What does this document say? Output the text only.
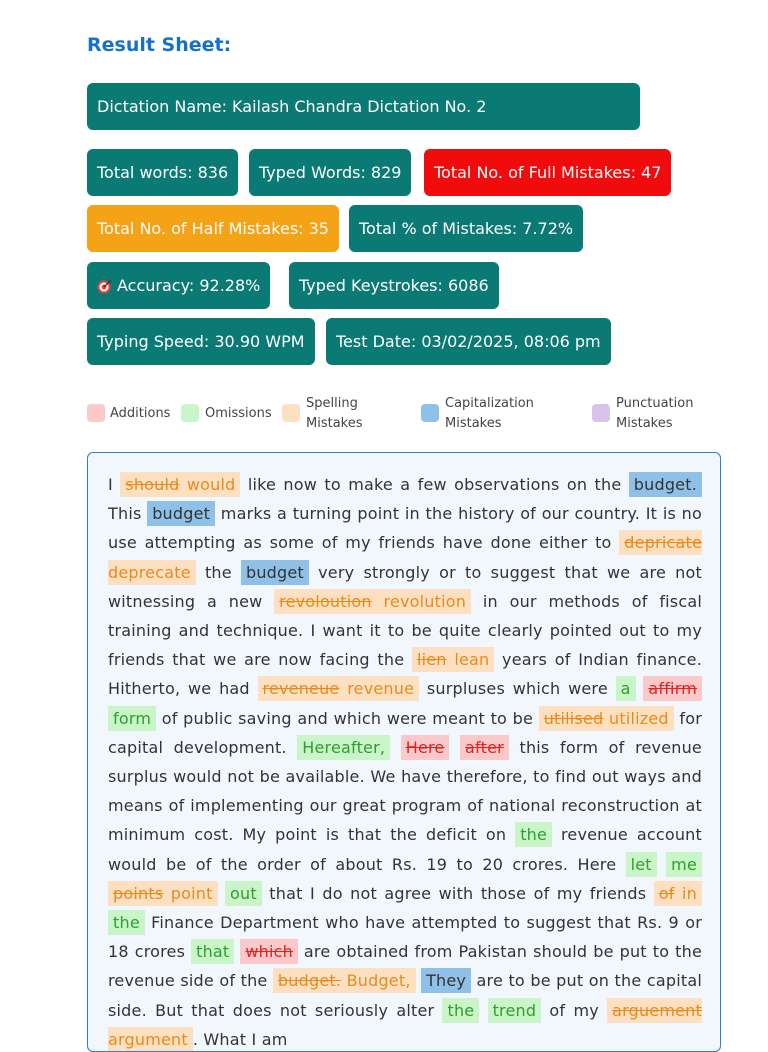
Result Sheet:
Dictation Name: Kailash Chandra Dictation No. 2
Total words: 836	Typed Words: 829	Total No. of Full Mistakes: 47
Total No. of Half Mistakes: 35	Total % of Mistakes: 7.72%
Accuracy: 92.28%	Typed Keystrokes: 6086
Typing Speed: 30.90 WPM	Test Date: 03/02/2025, 08:06 pm
Additions	Omissions
Spelling
Mistakes
Capitalization
Mistakes
Punctuation
Mistakes
I should would like now to make a few observations on the budget. This budget marks a turning point in the history of our country. It is no use attempting as some of my friends have done either to depricate deprecate the budget very strongly or to suggest that we are not witnessing a new revoloution revolution in our methods of fiscal training and technique. I want it to be quite clearly pointed out to my friends that we are now facing the lien lean years of Indian finance. Hitherto, we had reveneue revenue surpluses which were a affirm form of public saving and which were meant to be utilised utilized for capital development. Hereafter, Here after this form of revenue surplus would not be available. We have therefore, to find out ways and means of implementing our great program of national reconstruction at minimum cost. My point is that the deficit on the revenue account would be of the order of about Rs. 19 to 20 crores. Here let me points point out that I do not agree with those of my friends of in the Finance Department who have attempted to suggest that Rs. 9 or 18 crores that which are obtained from Pakistan should be put to the revenue side of the budget. Budget, They are to be put on the capital side. But that does not seriously alter the trend of my arguement argument . What I am
